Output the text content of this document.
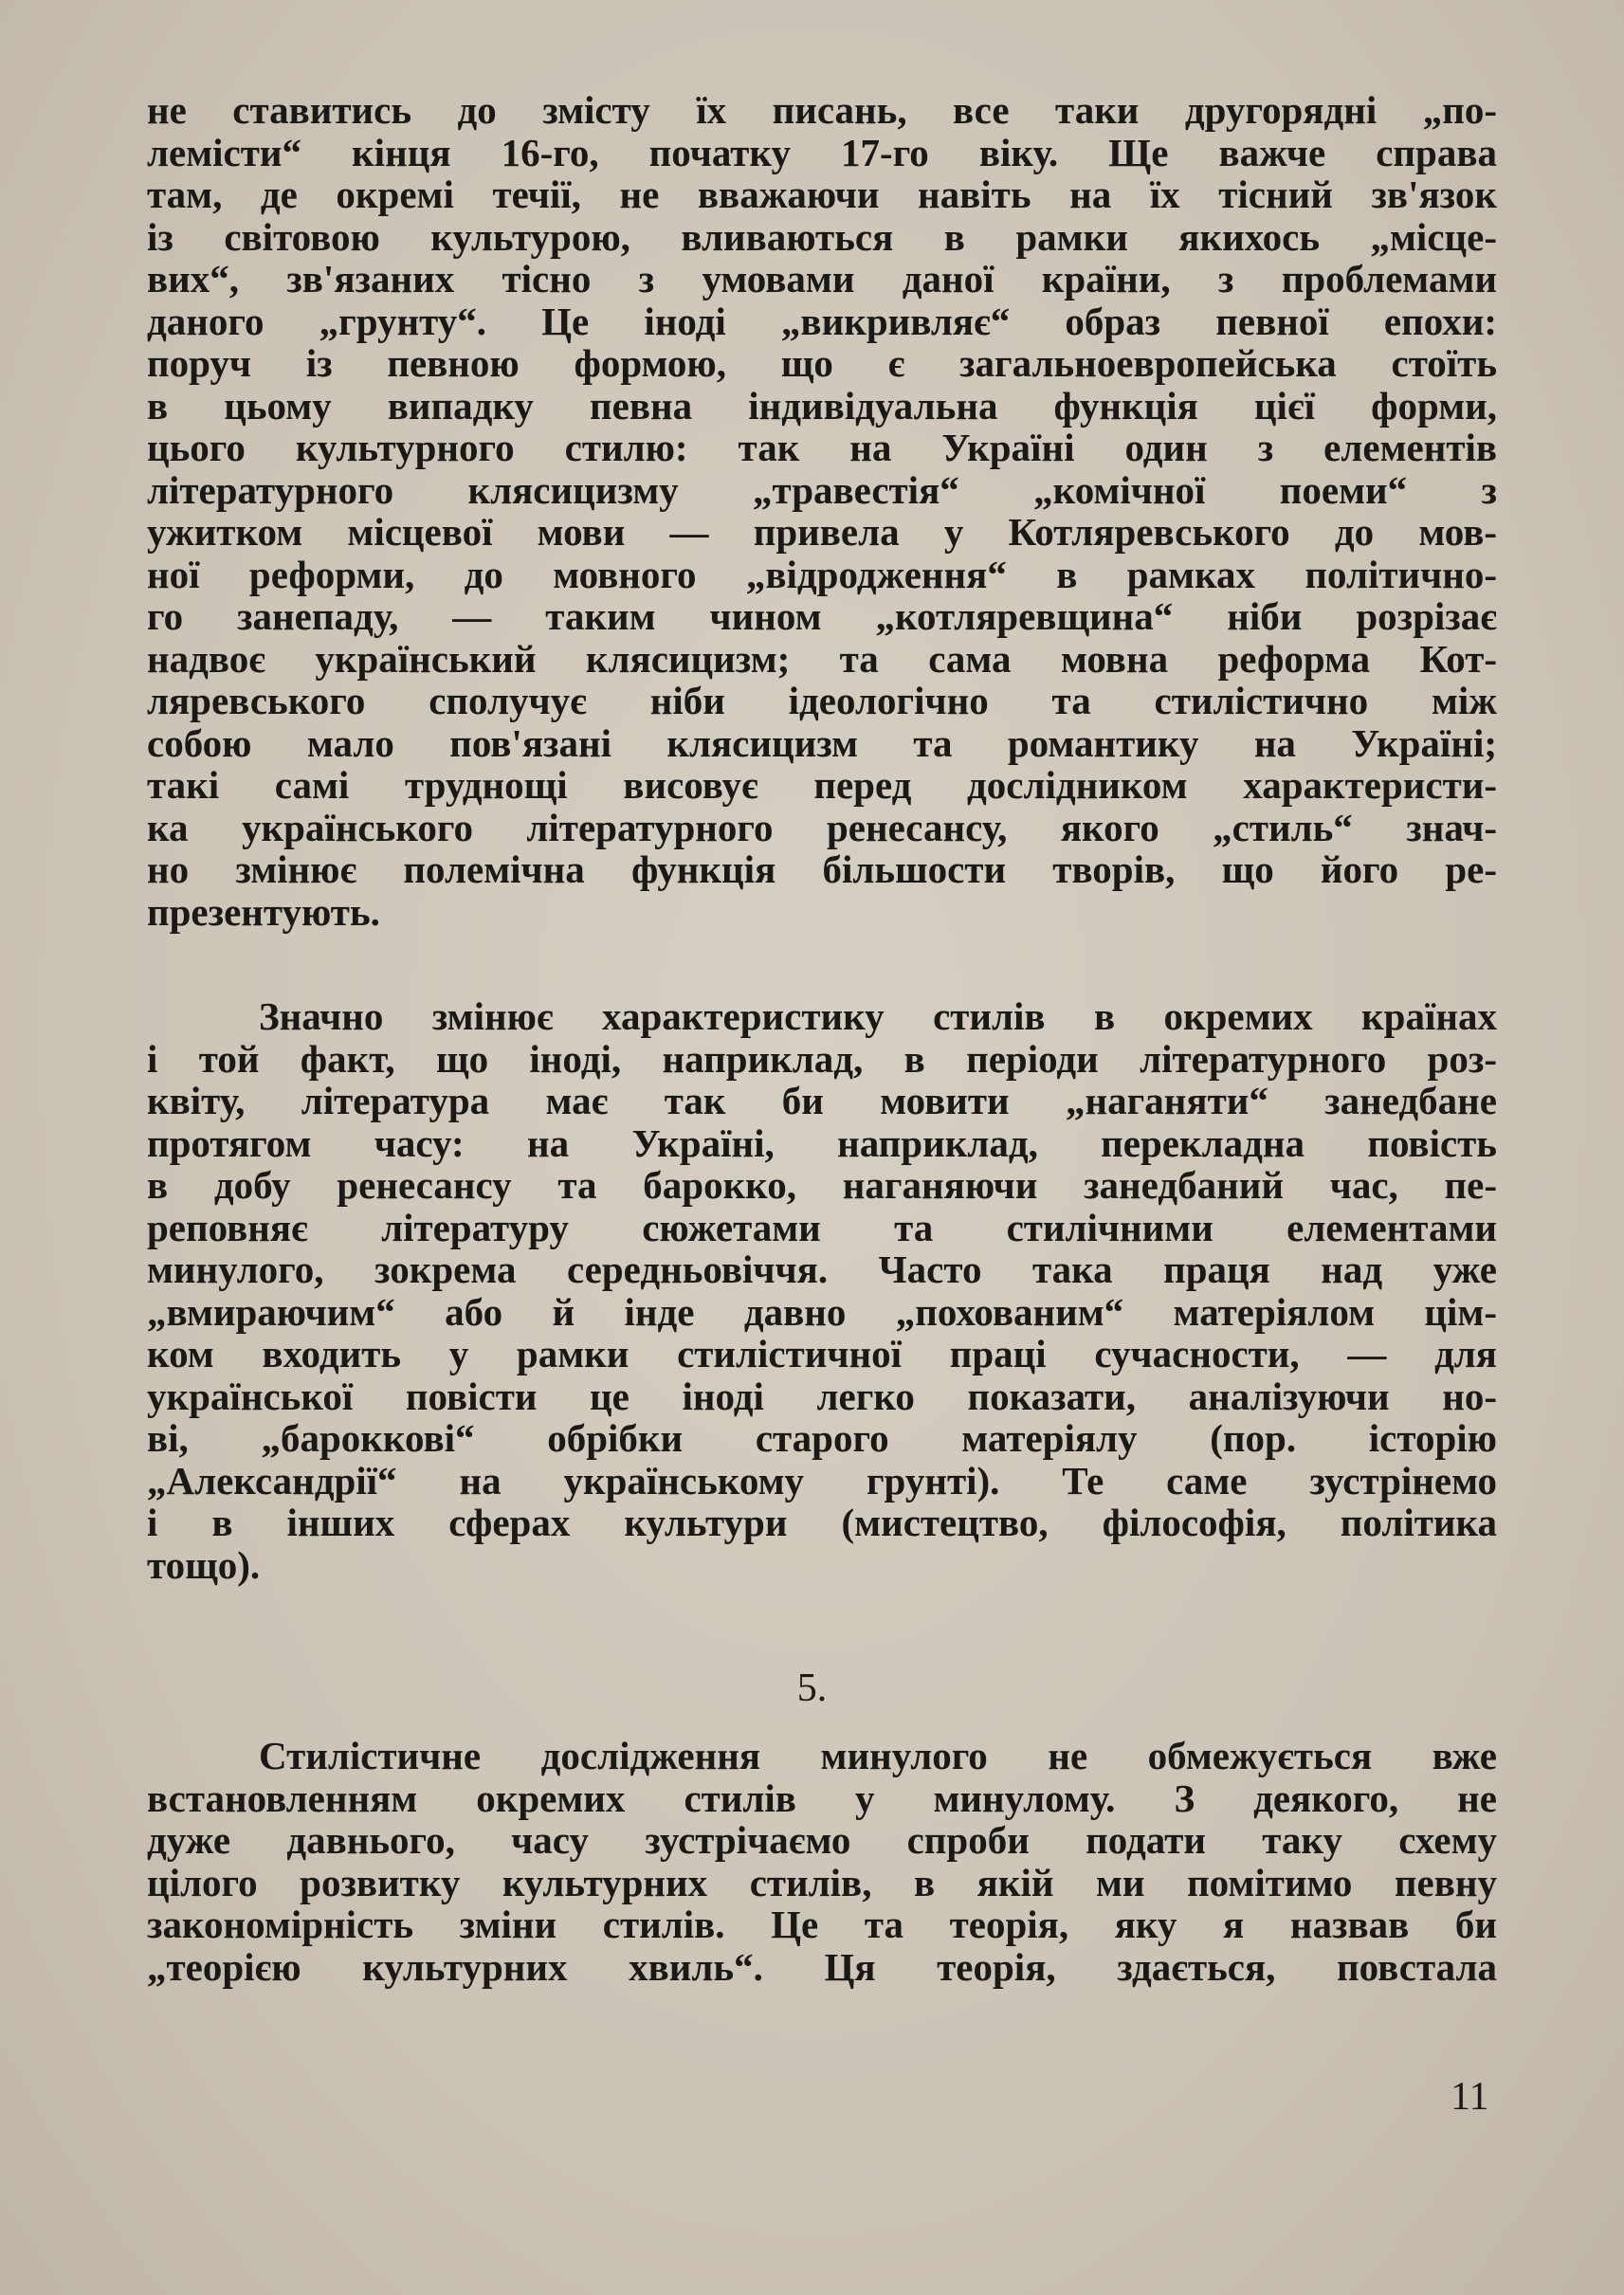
не ставитись до змісту їх писань, все таки другорядні „по-
лемісти“ кінця 16-го, початку 17-го віку. Ще важче справа
там, де окремі течії, не вважаючи навіть на їх тісний зв'язок
із світовою культурою, вливаються в рамки якихось „місце-
вих“, зв'язаних тісно з умовами даної країни, з проблемами
даного „грунту“. Це іноді „викривляє“ образ певної епохи:
поруч із певною формою, що є загальноевропейська стоїть
в цьому випадку певна індивідуальна функція цієї форми,
цього культурного стилю: так на Україні один з елементів
літературного клясицизму „травестія“ „комічної поеми“ з
ужитком місцевої мови — привела у Котляревського до мов-
ної реформи, до мовного „відродження“ в рамках політично-
го занепаду, — таким чином „котляревщина“ ніби розрізає
надвоє український клясицизм; та сама мовна реформа Кот-
ляревського сполучує ніби ідеологічно та стилістично між
собою мало пов'язані клясицизм та романтику на Україні;
такі самі труднощі висовує перед дослідником характеристи-
ка українського літературного ренесансу, якого „стиль“ знач-
но змінює полемічна функція більшости творів, що його ре-
презентують.
Значно змінює характеристику стилів в окремих країнах
і той факт, що іноді, наприклад, в періоди літературного роз-
квіту, література має так би мовити „наганяти“ занедбане
протягом часу: на Україні, наприклад, перекладна повість
в добу ренесансу та барокко, наганяючи занедбаний час, пе-
реповняє літературу сюжетами та стилічними елементами
минулого, зокрема середньовіччя. Часто така праця над уже
„вмираючим“ або й інде давно „похованим“ матеріялом цім-
ком входить у рамки стилістичної праці сучасности, — для
української повісти це іноді легко показати, аналізуючи но-
ві, „бароккові“ обрібки старого матеріялу (пор. історію
„Александрії“ на українському грунті). Те саме зустрінемо
і в інших сферах культури (мистецтво, філософія, політика
тощо).
5.
Стилістичне дослідження минулого не обмежується вже
встановленням окремих стилів у минулому. З деякого, не
дуже давнього, часу зустрічаємо спроби подати таку схему
цілого розвитку культурних стилів, в якій ми помітимо певну
закономірність зміни стилів. Це та теорія, яку я назвав би
„теорією культурних хвиль“. Ця теорія, здається, повстала
11
